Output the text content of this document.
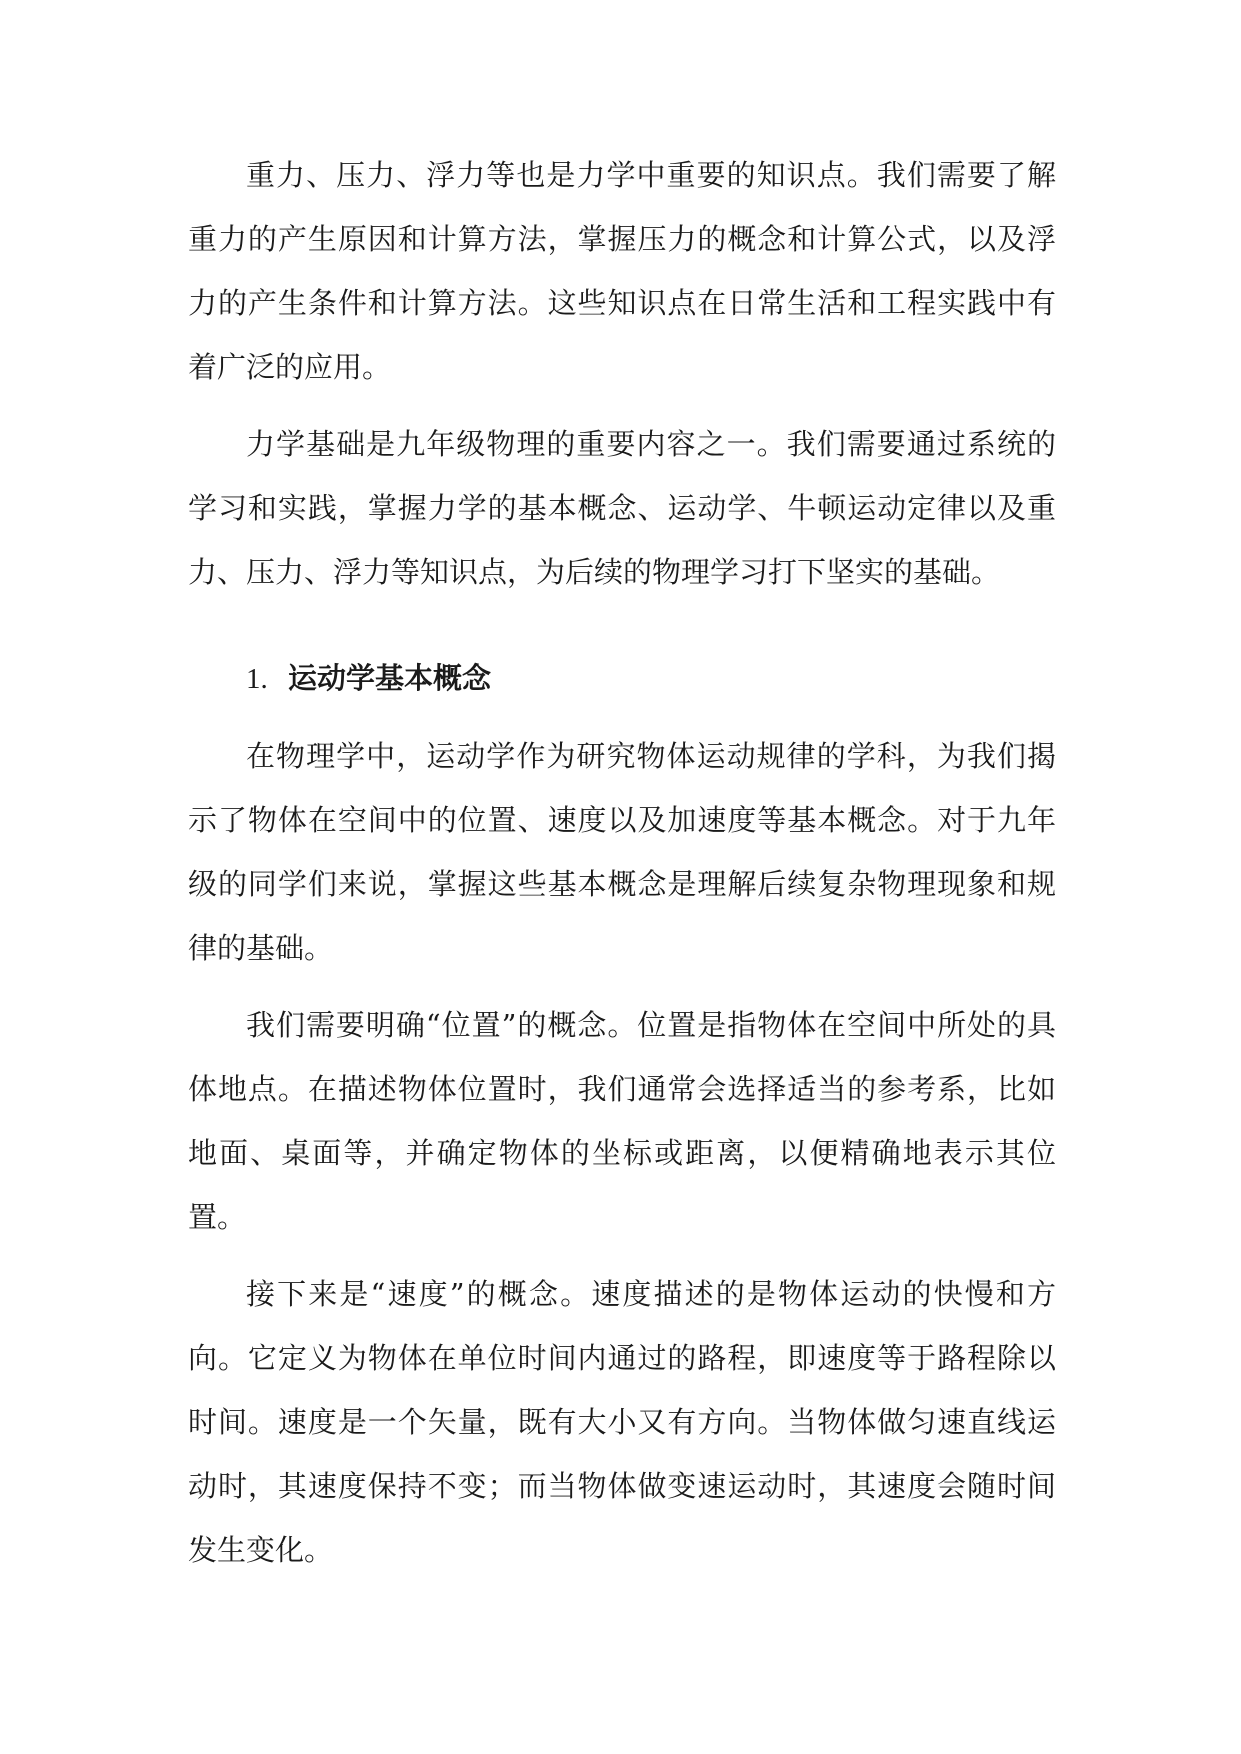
重力、压力、浮力等也是力学中重要的知识点。我们需要了解重力的产生原因和计算方法，掌握压力的概念和计算公式，以及浮力的产生条件和计算方法。这些知识点在日常生活和工程实践中有着广泛的应用。

力学基础是九年级物理的重要内容之一。我们需要通过系统的学习和实践，掌握力学的基本概念、运动学、牛顿运动定律以及重力、压力、浮力等知识点，为后续的物理学习打下坚实的基础。

1. 运动学基本概念

在物理学中，运动学作为研究物体运动规律的学科，为我们揭示了物体在空间中的位置、速度以及加速度等基本概念。对于九年级的同学们来说，掌握这些基本概念是理解后续复杂物理现象和规律的基础。

我们需要明确“位置”的概念。位置是指物体在空间中所处的具体地点。在描述物体位置时，我们通常会选择适当的参考系，比如地面、桌面等，并确定物体的坐标或距离，以便精确地表示其位置。

接下来是“速度”的概念。速度描述的是物体运动的快慢和方向。它定义为物体在单位时间内通过的路程，即速度等于路程除以时间。速度是一个矢量，既有大小又有方向。当物体做匀速直线运动时，其速度保持不变；而当物体做变速运动时，其速度会随时间发生变化。
